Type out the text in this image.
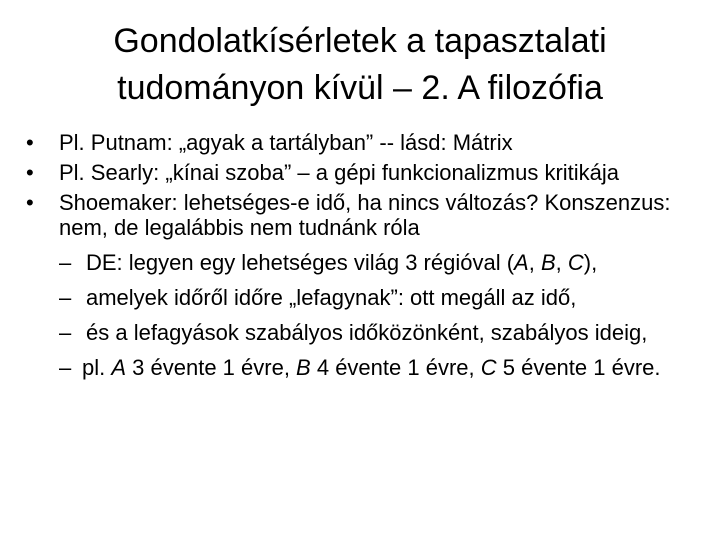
Gondolatkísérletek a tapasztalati
tudományon kívül – 2. A filozófia
•	Pl. Putnam: „agyak a tartályban” -- lásd: Mátrix
•	Pl. Searly: „kínai szoba” – a gépi funkcionalizmus kritikája
•	Shoemaker: lehetséges-e idő, ha nincs változás? Konszenzus: nem, de legalábbis nem tudnánk róla
– DE: legyen egy lehetséges világ 3 régióval (A, B, C),
– amelyek időről időre „lefagynak”: ott megáll az idő,
– és a lefagyások szabályos időközönként, szabályos ideig,
– pl. A 3 évente 1 évre, B 4 évente 1 évre, C 5 évente 1 évre.
